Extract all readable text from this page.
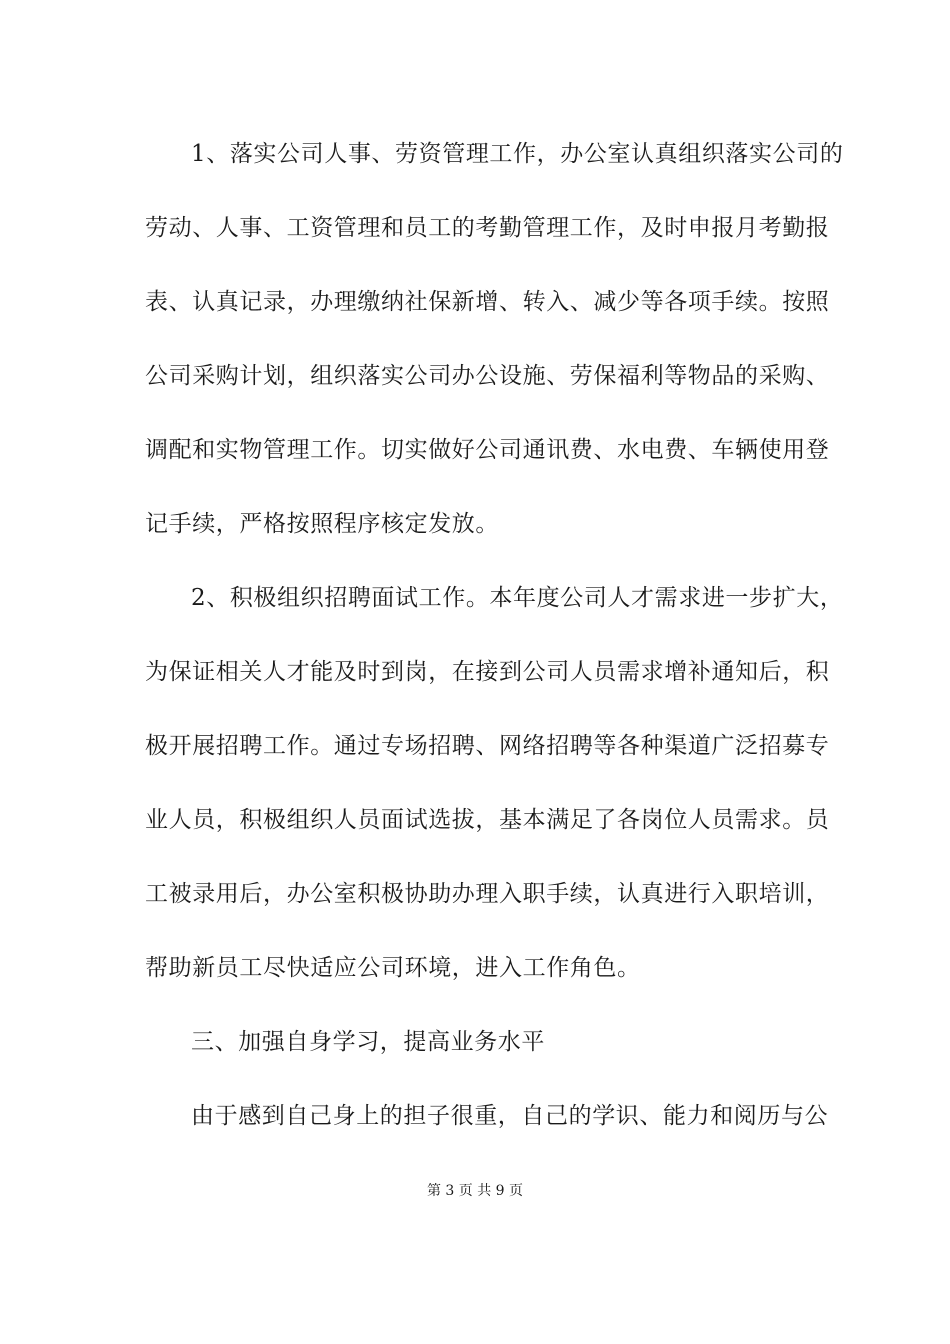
1、落实公司人事、劳资管理工作，办公室认真组织落实公司的
劳动、人事、工资管理和员工的考勤管理工作，及时申报月考勤报
表、认真记录，办理缴纳社保新增、转入、减少等各项手续。按照
公司采购计划，组织落实公司办公设施、劳保福利等物品的采购、
调配和实物管理工作。切实做好公司通讯费、水电费、车辆使用登
记手续，严格按照程序核定发放。
2、积极组织招聘面试工作。本年度公司人才需求进一步扩大，
为保证相关人才能及时到岗，在接到公司人员需求增补通知后，积
极开展招聘工作。通过专场招聘、网络招聘等各种渠道广泛招募专
业人员，积极组织人员面试选拔，基本满足了各岗位人员需求。员
工被录用后，办公室积极协助办理入职手续，认真进行入职培训，
帮助新员工尽快适应公司环境，进入工作角色。
三、加强自身学习，提高业务水平
由于感到自己身上的担子很重，自己的学识、能力和阅历与公
第 3 页 共 9 页
